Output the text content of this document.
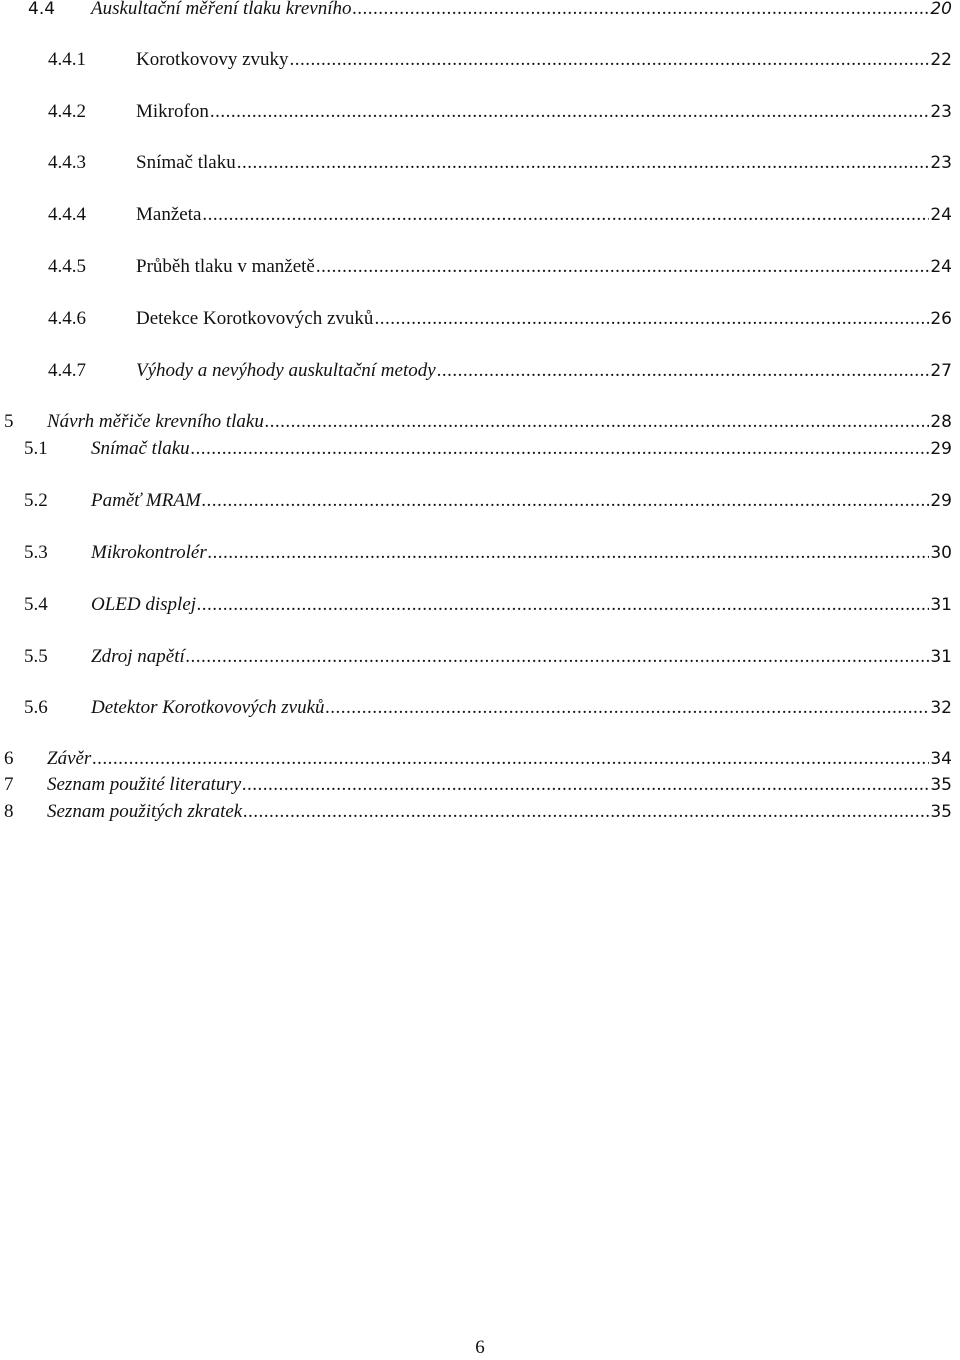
4.4	Auskultační měření tlaku krevního .....	20
4.4.1	Korotkovovy zvuky .....	22
4.4.2	Mikrofon .....	23
4.4.3	Snímač tlaku .....	23
4.4.4	Manžeta .....	24
4.4.5	Průběh tlaku v manžetě .....	24
4.4.6	Detekce Korotkovových zvuků .....	26
4.4.7	Výhody a nevýhody auskultační metody .....	27
5	Návrh měřiče krevního tlaku .....	28
5.1	Snímač tlaku .....	29
5.2	Paměť MRAM .....	29
5.3	Mikrokontrolér .....	30
5.4	OLED displej .....	31
5.5	Zdroj napětí .....	31
5.6	Detektor Korotkovových zvuků .....	32
6	Závěr .....	34
7	Seznam použité literatury .....	35
8	Seznam použitých zkratek .....	35
6
